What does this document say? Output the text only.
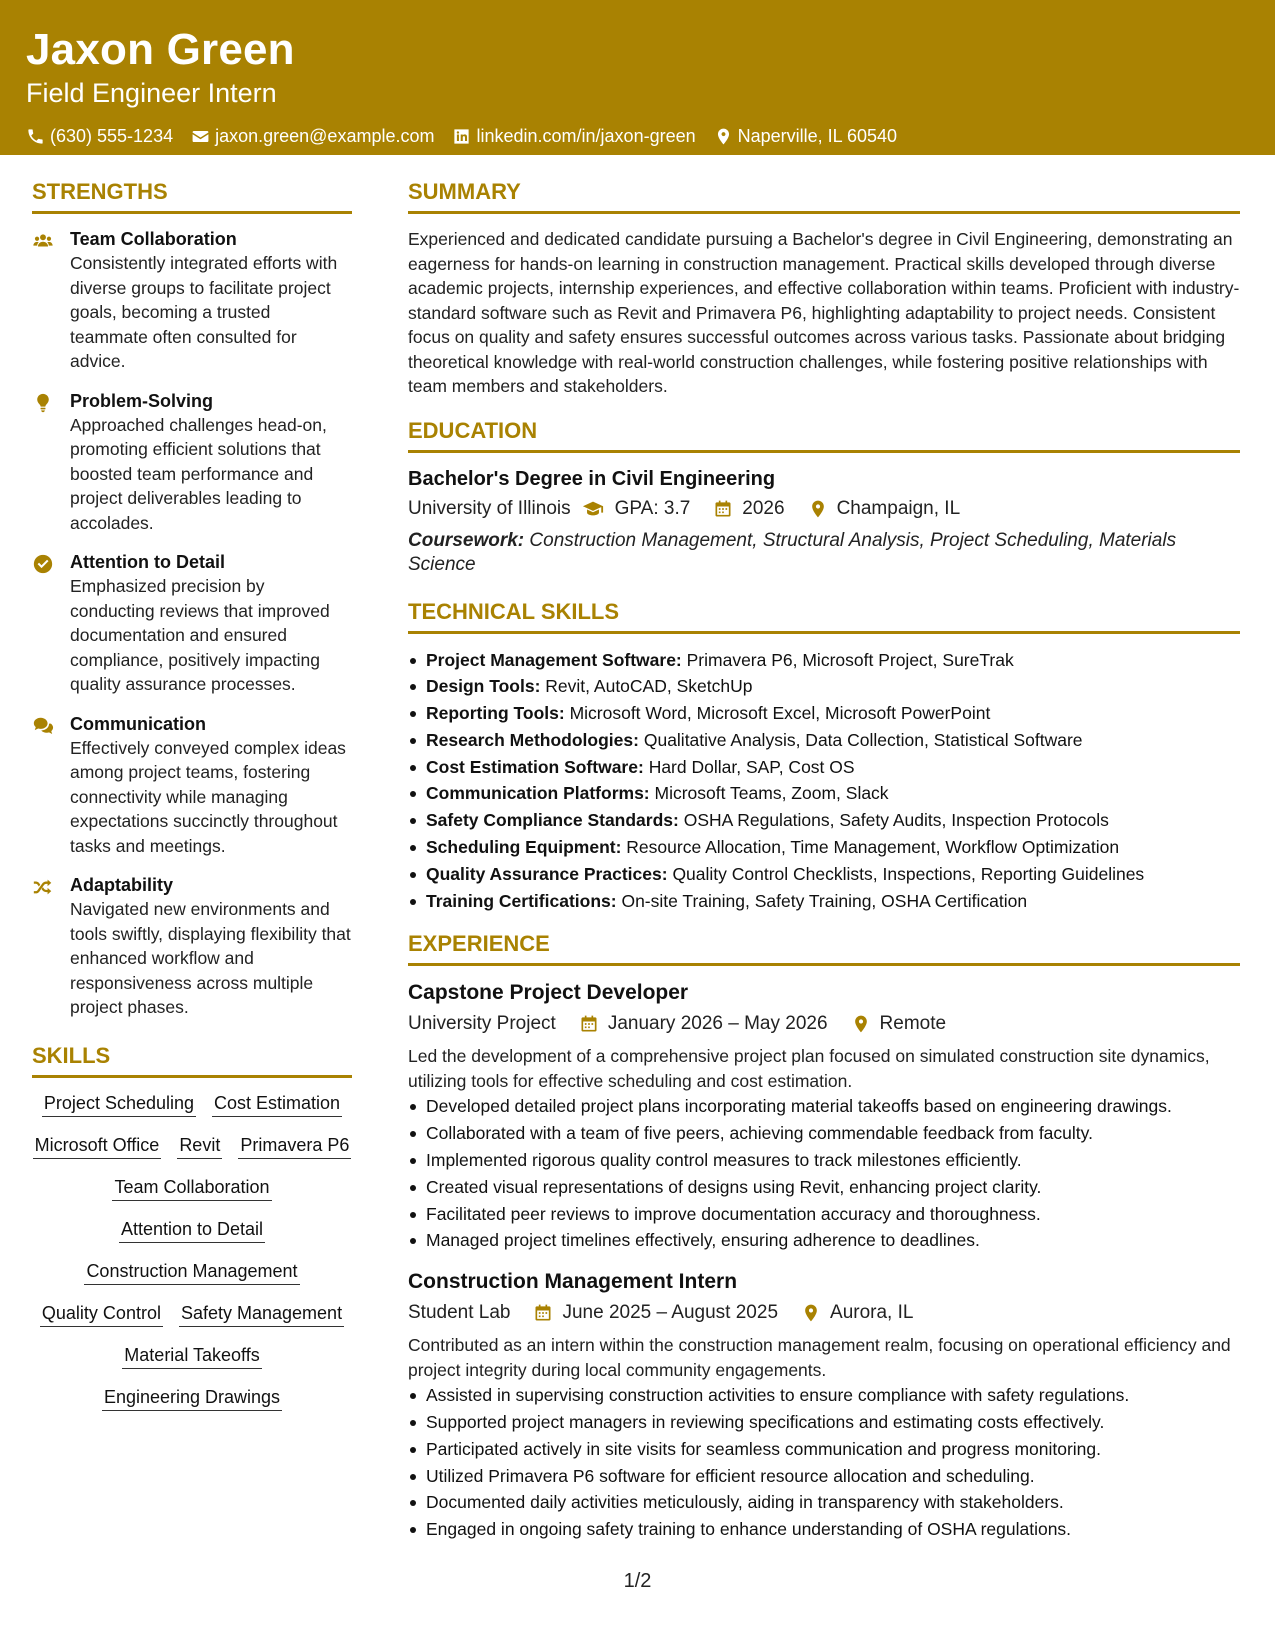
Jaxon Green
Field Engineer Intern
(630) 555-1234 jaxon.green@example.com linkedin.com/in/jaxon-green Naperville, IL 60540
STRENGTHS
Team Collaboration
Consistently integrated efforts with diverse groups to facilitate project goals, becoming a trusted teammate often consulted for advice.
Problem-Solving
Approached challenges head-on, promoting efficient solutions that boosted team performance and project deliverables leading to accolades.
Attention to Detail
Emphasized precision by conducting reviews that improved documentation and ensured compliance, positively impacting quality assurance processes.
Communication
Effectively conveyed complex ideas among project teams, fostering connectivity while managing expectations succinctly throughout tasks and meetings.
Adaptability
Navigated new environments and tools swiftly, displaying flexibility that enhanced workflow and responsiveness across multiple project phases.
SKILLS
Project Scheduling Cost Estimation
Microsoft Office Revit Primavera P6
Team Collaboration
Attention to Detail
Construction Management
Quality Control Safety Management
Material Takeoffs
Engineering Drawings
SUMMARY
Experienced and dedicated candidate pursuing a Bachelor's degree in Civil Engineering, demonstrating an eagerness for hands-on learning in construction management. Practical skills developed through diverse academic projects, internship experiences, and effective collaboration within teams. Proficient with industry-standard software such as Revit and Primavera P6, highlighting adaptability to project needs. Consistent focus on quality and safety ensures successful outcomes across various tasks. Passionate about bridging theoretical knowledge with real-world construction challenges, while fostering positive relationships with team members and stakeholders.
EDUCATION
Bachelor's Degree in Civil Engineering
University of Illinois GPA: 3.7	2026	Champaign, IL
Coursework: Construction Management, Structural Analysis, Project Scheduling, Materials Science
TECHNICAL SKILLS
Project Management Software: Primavera P6, Microsoft Project, SureTrak
Design Tools: Revit, AutoCAD, SketchUp
Reporting Tools: Microsoft Word, Microsoft Excel, Microsoft PowerPoint
Research Methodologies: Qualitative Analysis, Data Collection, Statistical Software
Cost Estimation Software: Hard Dollar, SAP, Cost OS
Communication Platforms: Microsoft Teams, Zoom, Slack
Safety Compliance Standards: OSHA Regulations, Safety Audits, Inspection Protocols
Scheduling Equipment: Resource Allocation, Time Management, Workflow Optimization
Quality Assurance Practices: Quality Control Checklists, Inspections, Reporting Guidelines
Training Certifications: On-site Training, Safety Training, OSHA Certification
EXPERIENCE
Capstone Project Developer
University Project	January 2026 – May 2026	Remote
Led the development of a comprehensive project plan focused on simulated construction site dynamics, utilizing tools for effective scheduling and cost estimation.
Developed detailed project plans incorporating material takeoffs based on engineering drawings.
Collaborated with a team of five peers, achieving commendable feedback from faculty.
Implemented rigorous quality control measures to track milestones efficiently.
Created visual representations of designs using Revit, enhancing project clarity.
Facilitated peer reviews to improve documentation accuracy and thoroughness.
Managed project timelines effectively, ensuring adherence to deadlines.
Construction Management Intern
Student Lab	June 2025 – August 2025	Aurora, IL
Contributed as an intern within the construction management realm, focusing on operational efficiency and project integrity during local community engagements.
Assisted in supervising construction activities to ensure compliance with safety regulations.
Supported project managers in reviewing specifications and estimating costs effectively.
Participated actively in site visits for seamless communication and progress monitoring.
Utilized Primavera P6 software for efficient resource allocation and scheduling.
Documented daily activities meticulously, aiding in transparency with stakeholders.
Engaged in ongoing safety training to enhance understanding of OSHA regulations.
1/2
